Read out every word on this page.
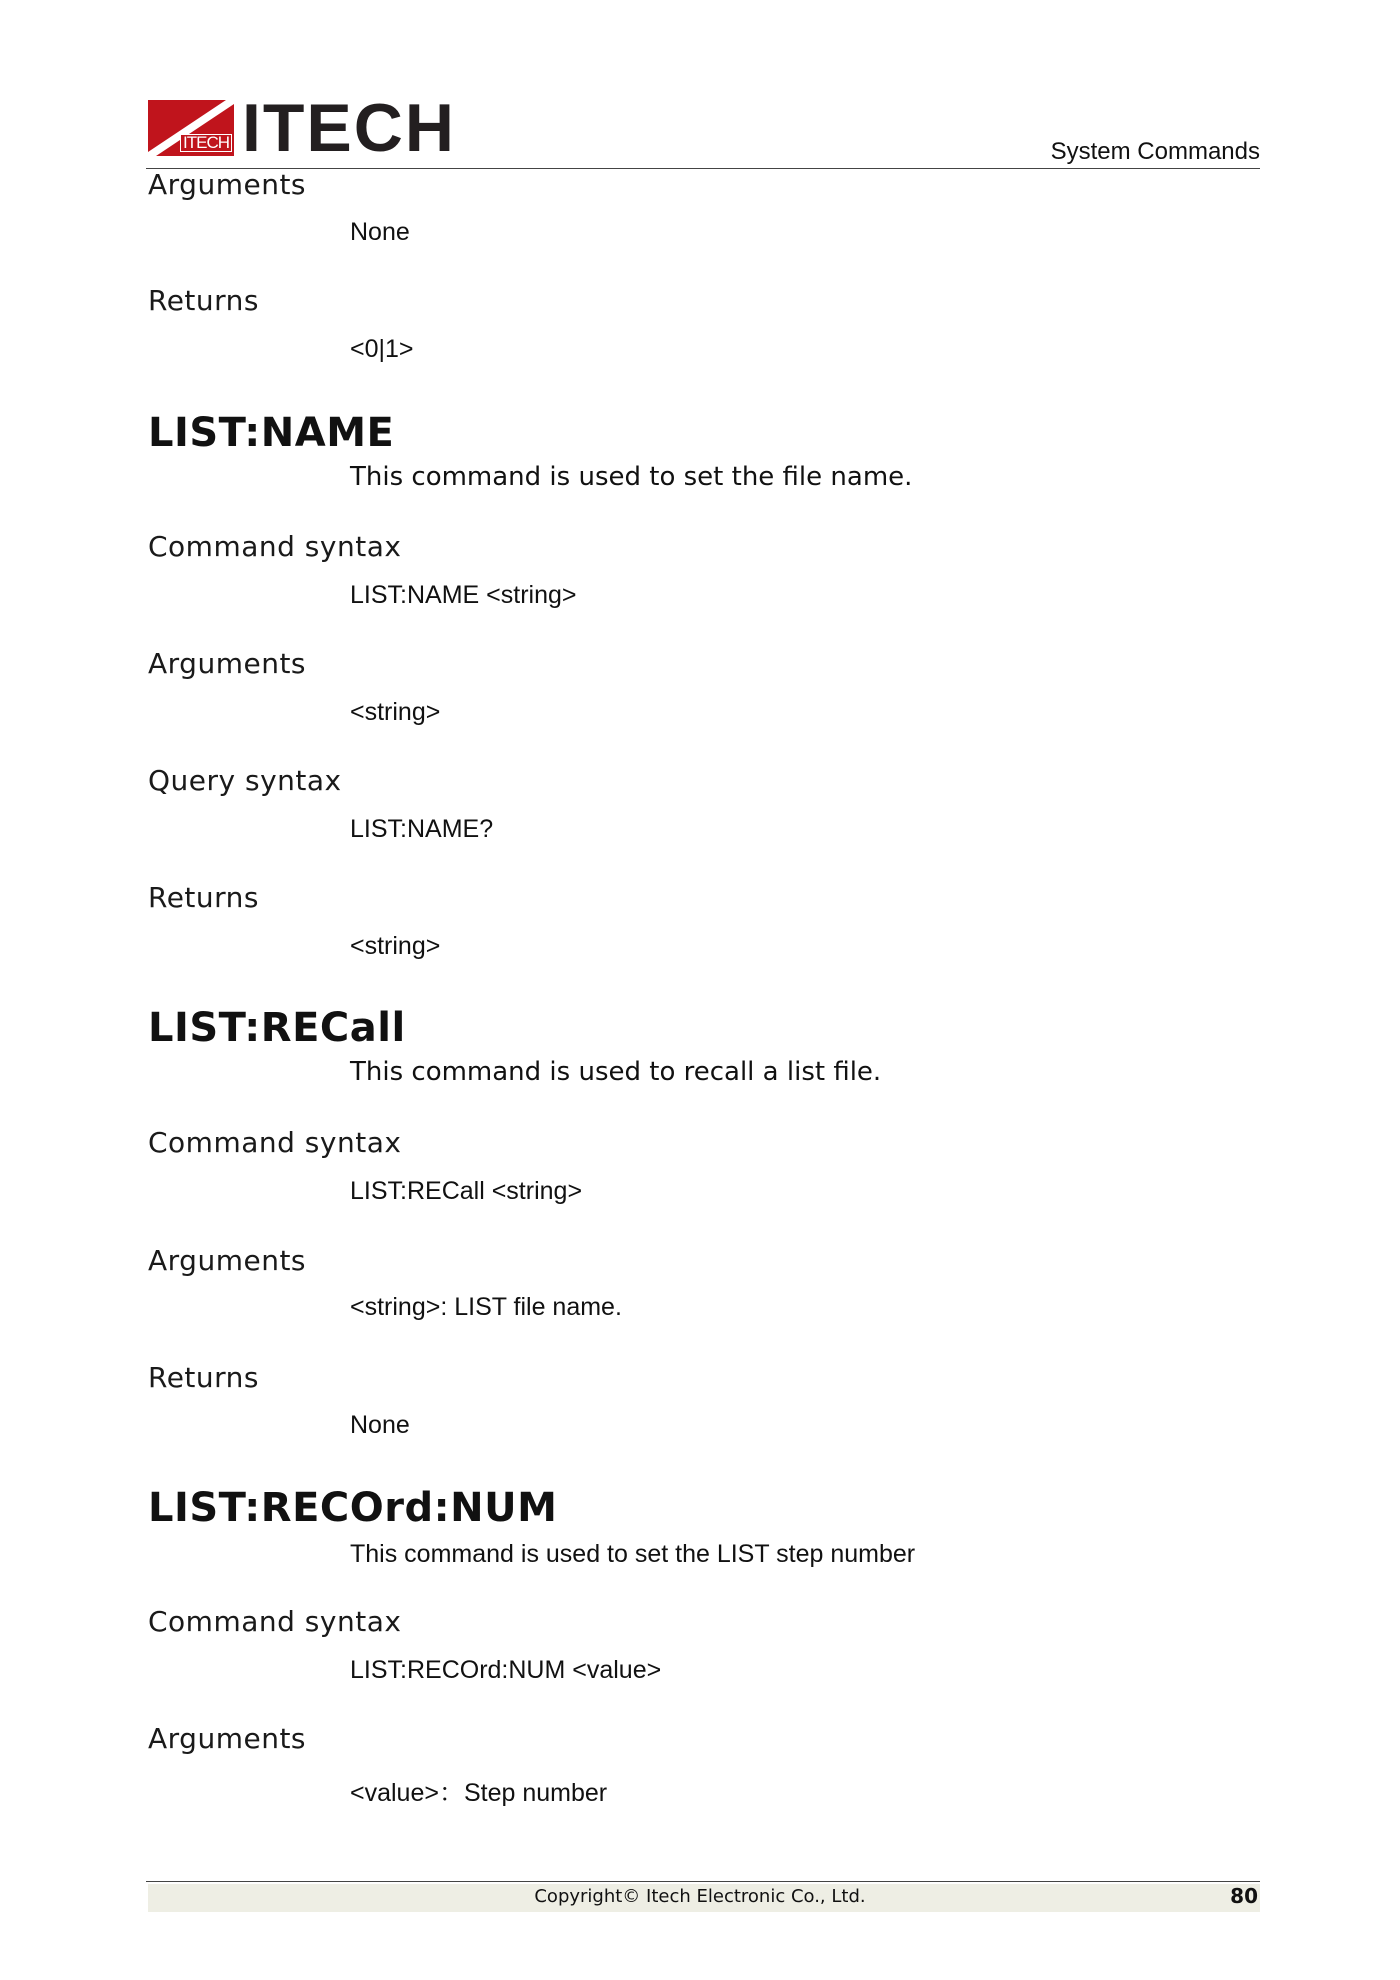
ITECH ITECH	System Commands
Arguments
None
Returns
<0|1>
LIST:NAME
This command is used to set the file name.
Command syntax
LIST:NAME <string>
Arguments
<string>
Query syntax
LIST:NAME?
Returns
<string>
LIST:RECall
This command is used to recall a list file.
Command syntax
LIST:RECall <string>
Arguments
<string>: LIST file name.
Returns
None
LIST:RECOrd:NUM
This command is used to set the LIST step number
Command syntax
LIST:RECOrd:NUM <value>
Arguments
<value>：Step number
Copyright© Itech Electronic Co., Ltd.	80
